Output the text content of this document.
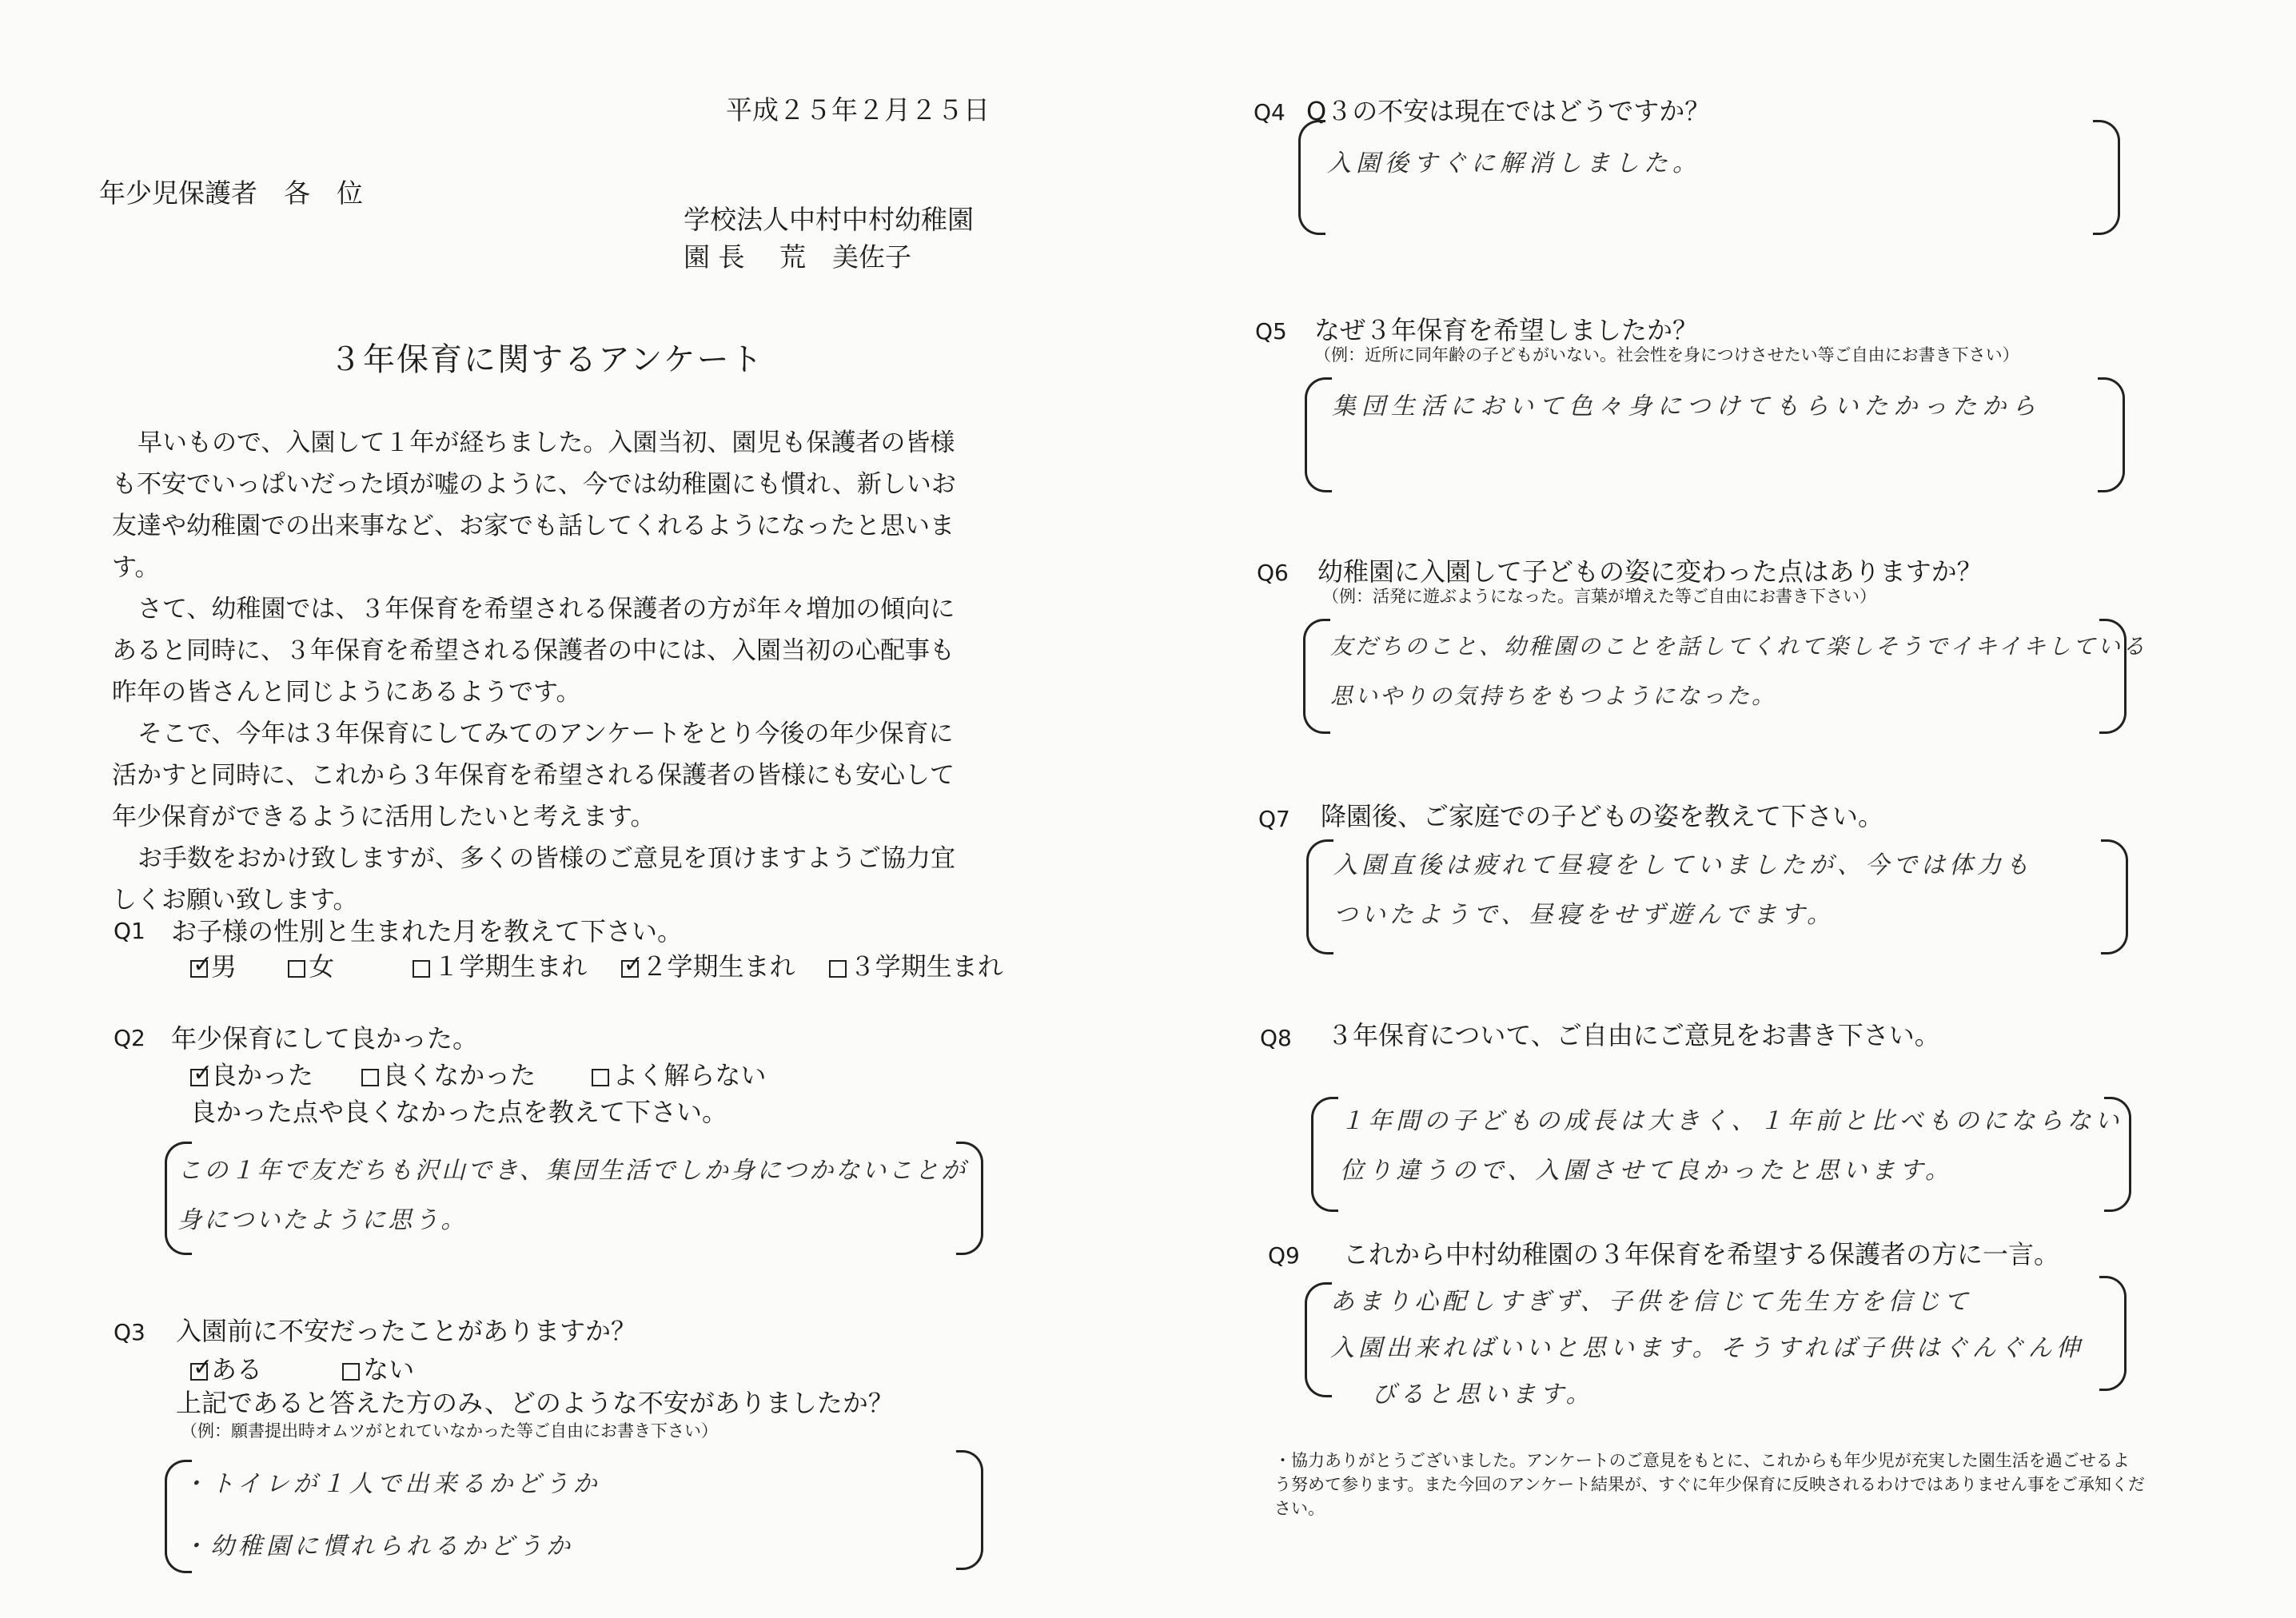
平成２５年２月２５日
年少児保護者　各　位
学校法人中村中村幼稚園
園 長　 荒　美佐子
３年保育に関するアンケート
早いもので、入園して１年が経ちました。入園当初、園児も保護者の皆様も不安でいっぱいだった頃が嘘のように、今では幼稚園にも慣れ、新しいお友達や幼稚園での出来事など、お家でも話してくれるようになったと思います。
さて、幼稚園では、３年保育を希望される保護者の方が年々増加の傾向にあると同時に、３年保育を希望される保護者の中には、入園当初の心配事も昨年の皆さんと同じようにあるようです。
そこで、今年は３年保育にしてみてのアンケートをとり今後の年少保育に活かすと同時に、これから３年保育を希望される保護者の皆様にも安心して年少保育ができるように活用したいと考えます。
お手数をおかけ致しますが、多くの皆様のご意見を頂けますようご協力宜しくお願い致します。
Q1 お子様の性別と生まれた月を教えて下さい。
✓男	女	１学期生まれ ✓ ２学期生まれ ３学期生まれ
Q2 年少保育にして良かった。
✓良かった	良くなかった	よく解らない
良かった点や良くなかった点を教えて下さい。
この１年で友だちも沢山でき、集団生活でしか身につかないことが
身についたように思う。
Q3 入園前に不安だったことがありますか？
✓ある	ない
上記であると答えた方のみ、どのような不安がありましたか？
（例：願書提出時オムツがとれていなかった等ご自由にお書き下さい）
・トイレが１人で出来るかどうか
・幼稚園に慣れられるかどうか
Q4 Q３の不安は現在ではどうですか？
入園後すぐに解消しました。
Q5 なぜ３年保育を希望しましたか？
（例：近所に同年齢の子どもがいない。社会性を身につけさせたい等ご自由にお書き下さい）
集団生活において色々身につけてもらいたかったから
Q6 幼稚園に入園して子どもの姿に変わった点はありますか？
（例：活発に遊ぶようになった。言葉が増えた等ご自由にお書き下さい）
友だちのこと、幼稚園のことを話してくれて楽しそうでイキイキしている
思いやりの気持ちをもつようになった。
Q7 降園後、ご家庭での子どもの姿を教えて下さい。
入園直後は疲れて昼寝をしていましたが、今では体力も
ついたようで、昼寝をせず遊んでます。
Q8 ３年保育について、ご自由にご意見をお書き下さい。
１年間の子どもの成長は大きく、１年前と比べものにならない
位り違うので、入園させて良かったと思います。
Q9 これから中村幼稚園の３年保育を希望する保護者の方に一言。
あまり心配しすぎず、子供を信じて先生方を信じて
入園出来ればいいと思います。そうすれば子供はぐんぐん伸
びると思います。
・協力ありがとうございました。アンケートのご意見をもとに、これからも年少児が充実した園生活を過ごせるよう努めて参ります。また今回のアンケート結果が、すぐに年少保育に反映されるわけではありません事をご承知ください。
